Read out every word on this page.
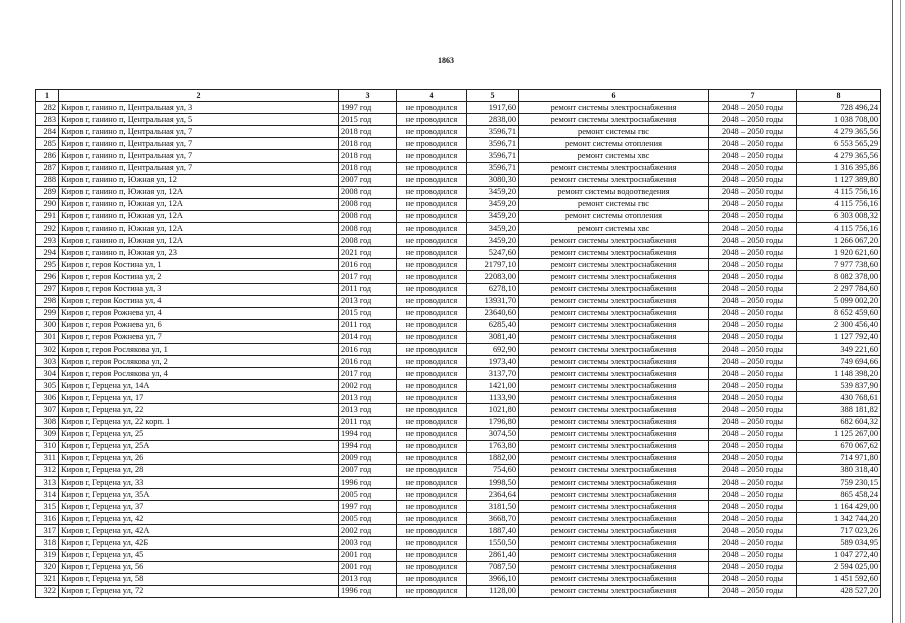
1863
1	2	3	4	5	6	7	8
282	Киров г, ганино п, Центральная ул, 3	1997 год	не проводился	1917,60	ремонт системы электроснабжения	2048 – 2050 годы	728 496,24
283	Киров г, ганино п, Центральная ул, 5	2015 год	не проводился	2838,00	ремонт системы электроснабжения	2048 – 2050 годы	1 038 708,00
284	Киров г, ганино п, Центральная ул, 7	2018 год	не проводился	3596,71	ремонт системы гвс	2048 – 2050 годы	4 279 365,56
285	Киров г, ганино п, Центральная ул, 7	2018 год	не проводился	3596,71	ремонт системы отопления	2048 – 2050 годы	6 553 565,29
286	Киров г, ганино п, Центральная ул, 7	2018 год	не проводился	3596,71	ремонт системы хвс	2048 – 2050 годы	4 279 365,56
287	Киров г, ганино п, Центральная ул, 7	2018 год	не проводился	3596,71	ремонт системы электроснабжения	2048 – 2050 годы	1 316 395,86
288	Киров г, ганино п, Южная ул, 12	2007 год	не проводился	3080,30	ремонт системы электроснабжения	2048 – 2050 годы	1 127 389,80
289	Киров г, ганино п, Южная ул, 12А	2008 год	не проводился	3459,20	ремонт системы водоотведения	2048 – 2050 годы	4 115 756,16
290	Киров г, ганино п, Южная ул, 12А	2008 год	не проводился	3459,20	ремонт системы гвс	2048 – 2050 годы	4 115 756,16
291	Киров г, ганино п, Южная ул, 12А	2008 год	не проводился	3459,20	ремонт системы отопления	2048 – 2050 годы	6 303 008,32
292	Киров г, ганино п, Южная ул, 12А	2008 год	не проводился	3459,20	ремонт системы хвс	2048 – 2050 годы	4 115 756,16
293	Киров г, ганино п, Южная ул, 12А	2008 год	не проводился	3459,20	ремонт системы электроснабжения	2048 – 2050 годы	1 266 067,20
294	Киров г, ганино п, Южная ул, 23	2021 год	не проводился	5247,60	ремонт системы электроснабжения	2048 – 2050 годы	1 920 621,60
295	Киров г, героя Костина ул, 1	2016 год	не проводился	21797,10	ремонт системы электроснабжения	2048 – 2050 годы	7 977 738,60
296	Киров г, героя Костина ул, 2	2017 год	не проводился	22083,00	ремонт системы электроснабжения	2048 – 2050 годы	8 082 378,00
297	Киров г, героя Костина ул, 3	2011 год	не проводился	6278,10	ремонт системы электроснабжения	2048 – 2050 годы	2 297 784,60
298	Киров г, героя Костина ул, 4	2013 год	не проводился	13931,70	ремонт системы электроснабжения	2048 – 2050 годы	5 099 002,20
299	Киров г, героя Рожнева ул, 4	2015 год	не проводился	23640,60	ремонт системы электроснабжения	2048 – 2050 годы	8 652 459,60
300	Киров г, героя Рожнева ул, 6	2011 год	не проводился	6285,40	ремонт системы электроснабжения	2048 – 2050 годы	2 300 456,40
301	Киров г, героя Рожнева ул, 7	2014 год	не проводился	3081,40	ремонт системы электроснабжения	2048 – 2050 годы	1 127 792,40
302	Киров г, героя Рослякова ул, 1	2016 год	не проводился	692,90	ремонт системы электроснабжения	2048 – 2050 годы	349 221,60
303	Киров г, героя Рослякова ул, 2	2016 год	не проводился	1973,40	ремонт системы электроснабжения	2048 – 2050 годы	749 694,66
304	Киров г, героя Рослякова ул, 4	2017 год	не проводился	3137,70	ремонт системы электроснабжения	2048 – 2050 годы	1 148 398,20
305	Киров г, Герцена ул, 14А	2002 год	не проводился	1421,00	ремонт системы электроснабжения	2048 – 2050 годы	539 837,90
306	Киров г, Герцена ул, 17	2013 год	не проводился	1133,90	ремонт системы электроснабжения	2048 – 2050 годы	430 768,61
307	Киров г, Герцена ул, 22	2013 год	не проводился	1021,80	ремонт системы электроснабжения	2048 – 2050 годы	388 181,82
308	Киров г, Герцена ул, 22 корп. 1	2011 год	не проводился	1796,80	ремонт системы электроснабжения	2048 – 2050 годы	682 604,32
309	Киров г, Герцена ул, 25	1994 год	не проводился	3074,50	ремонт системы электроснабжения	2048 – 2050 годы	1 125 267,00
310	Киров г, Герцена ул, 25А	1994 год	не проводился	1763,80	ремонт системы электроснабжения	2048 – 2050 годы	670 067,62
311	Киров г, Герцена ул, 26	2009 год	не проводился	1882,00	ремонт системы электроснабжения	2048 – 2050 годы	714 971,80
312	Киров г, Герцена ул, 28	2007 год	не проводился	754,60	ремонт системы электроснабжения	2048 – 2050 годы	380 318,40
313	Киров г, Герцена ул, 33	1996 год	не проводился	1998,50	ремонт системы электроснабжения	2048 – 2050 годы	759 230,15
314	Киров г, Герцена ул, 35А	2005 год	не проводился	2364,64	ремонт системы электроснабжения	2048 – 2050 годы	865 458,24
315	Киров г, Герцена ул, 37	1997 год	не проводился	3181,50	ремонт системы электроснабжения	2048 – 2050 годы	1 164 429,00
316	Киров г, Герцена ул, 42	2005 год	не проводился	3668,70	ремонт системы электроснабжения	2048 – 2050 годы	1 342 744,20
317	Киров г, Герцена ул, 42А	2002 год	не проводился	1887,40	ремонт системы электроснабжения	2048 – 2050 годы	717 023,26
318	Киров г, Герцена ул, 42Б	2003 год	не проводился	1550,50	ремонт системы электроснабжения	2048 – 2050 годы	589 034,95
319	Киров г, Герцена ул, 45	2001 год	не проводился	2861,40	ремонт системы электроснабжения	2048 – 2050 годы	1 047 272,40
320	Киров г, Герцена ул, 56	2001 год	не проводился	7087,50	ремонт системы электроснабжения	2048 – 2050 годы	2 594 025,00
321	Киров г, Герцена ул, 58	2013 год	не проводился	3966,10	ремонт системы электроснабжения	2048 – 2050 годы	1 451 592,60
322	Киров г, Герцена ул, 72	1996 год	не проводился	1128,00	ремонт системы электроснабжения	2048 – 2050 годы	428 527,20
